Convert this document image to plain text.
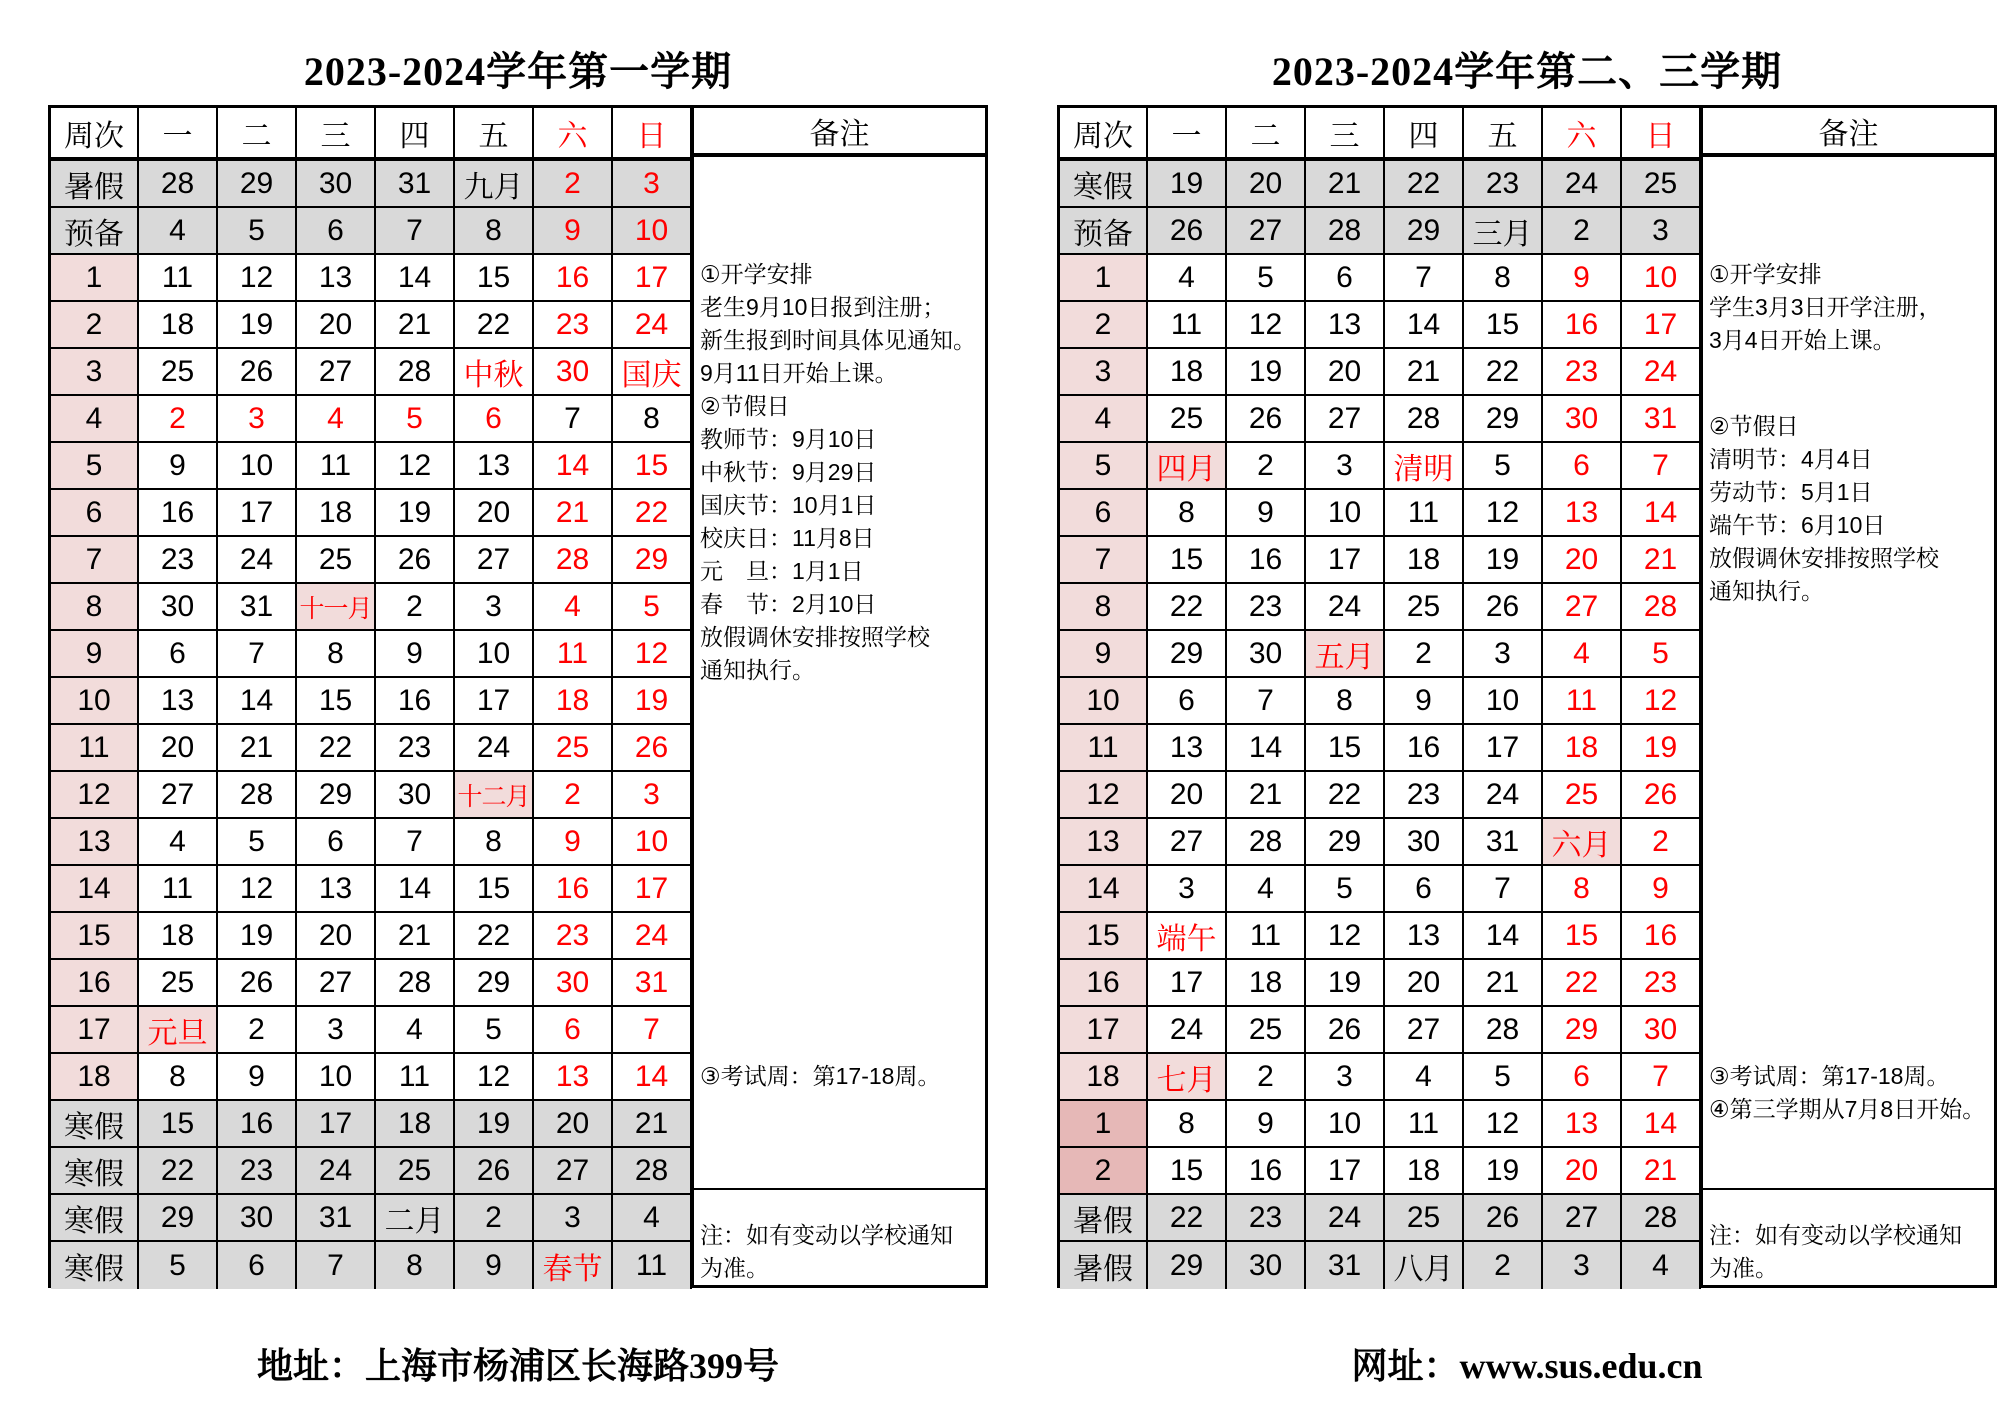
2023-2024学年第一学期	2023-2024学年第二、三学期
周次	一	二	三	四	五	六	日
暑假	28	29	30	31	九月	2	3
预备	4	5	6	7	8	9	10
1	11	12	13	14	15	16	17
2	18	19	20	21	22	23	24
3	25	26	27	28	中秋	30	国庆
4	2	3	4	5	6	7	8
5	9	10	11	12	13	14	15
6	16	17	18	19	20	21	22
7	23	24	25	26	27	28	29
8	30	31	十一月	2	3	4	5
9	6	7	8	9	10	11	12
10	13	14	15	16	17	18	19
11	20	21	22	23	24	25	26
12	27	28	29	30	十二月	2	3
13	4	5	6	7	8	9	10
14	11	12	13	14	15	16	17
15	18	19	20	21	22	23	24
16	25	26	27	28	29	30	31
17	元旦	2	3	4	5	6	7
18	8	9	10	11	12	13	14
寒假	15	16	17	18	19	20	21
寒假	22	23	24	25	26	27	28
寒假	29	30	31	二月	2	3	4
寒假	5	6	7	8	9	春节	11
备注
①开学安排
老生9月10日报到注册；
新生报到时间具体见通知。
9月11日开始上课。
②节假日
教师节：9月10日
中秋节：9月29日
国庆节：10月1日
校庆日：11月8日
元　旦：1月1日
春　节：2月10日
放假调休安排按照学校
通知执行。
③考试周：第17-18周。
注：如有变动以学校通知
为准。
周次	一	二	三	四	五	六	日
寒假	19	20	21	22	23	24	25
预备	26	27	28	29	三月	2	3
1	4	5	6	7	8	9	10
2	11	12	13	14	15	16	17
3	18	19	20	21	22	23	24
4	25	26	27	28	29	30	31
5	四月	2	3	清明	5	6	7
6	8	9	10	11	12	13	14
7	15	16	17	18	19	20	21
8	22	23	24	25	26	27	28
9	29	30	五月	2	3	4	5
10	6	7	8	9	10	11	12
11	13	14	15	16	17	18	19
12	20	21	22	23	24	25	26
13	27	28	29	30	31	六月	2
14	3	4	5	6	7	8	9
15	端午	11	12	13	14	15	16
16	17	18	19	20	21	22	23
17	24	25	26	27	28	29	30
18	七月	2	3	4	5	6	7
1	8	9	10	11	12	13	14
2	15	16	17	18	19	20	21
暑假	22	23	24	25	26	27	28
暑假	29	30	31	八月	2	3	4
备注
①开学安排
学生3月3日开学注册，
3月4日开始上课。
②节假日
清明节：4月4日
劳动节：5月1日
端午节：6月10日
放假调休安排按照学校
通知执行。
③考试周：第17-18周。
④第三学期从7月8日开始。
注：如有变动以学校通知
为准。
地址：上海市杨浦区长海路399号	网址：www.sus.edu.cn
